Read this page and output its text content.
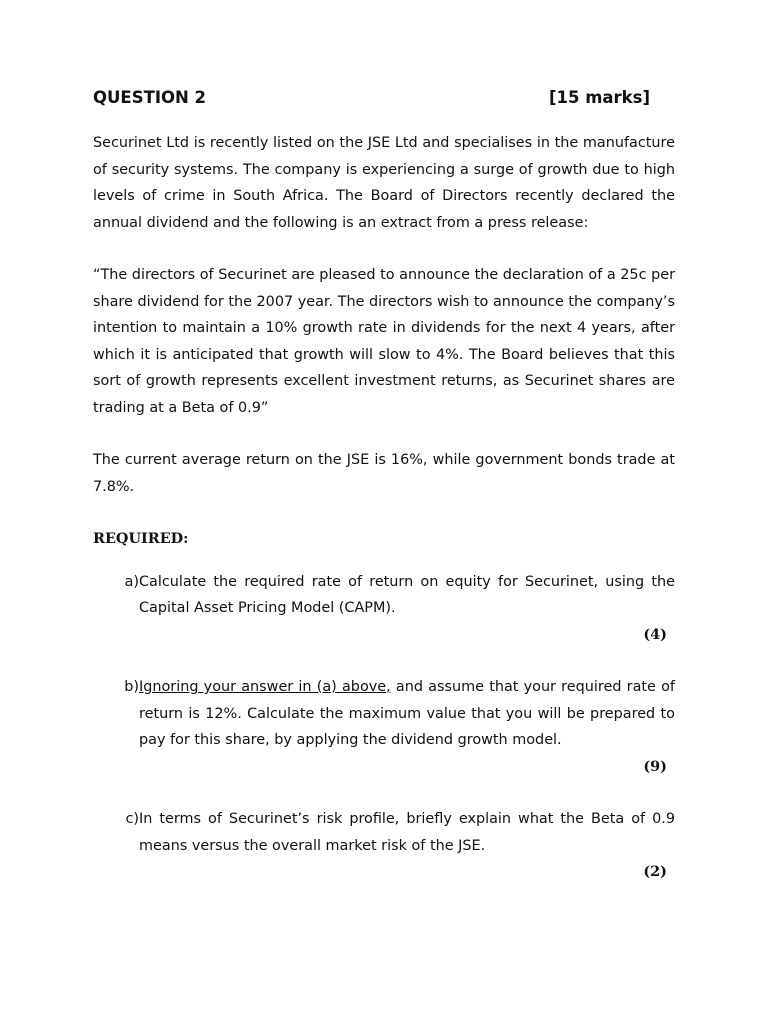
QUESTION 2	[15 marks]

Securinet Ltd is recently listed on the JSE Ltd and specialises in the manufacture of security systems. The company is experiencing a surge of growth due to high levels of crime in South Africa. The Board of Directors recently declared the annual dividend and the following is an extract from a press release:

“The directors of Securinet are pleased to announce the declaration of a 25c per share dividend for the 2007 year. The directors wish to announce the company’s intention to maintain a 10% growth rate in dividends for the next 4 years, after which it is anticipated that growth will slow to 4%. The Board believes that this sort of growth represents excellent investment returns, as Securinet shares are trading at a Beta of 0.9”

The current average return on the JSE is 16%, while government bonds trade at 7.8%.

REQUIRED:
a) Calculate the required rate of return on equity for Securinet, using the Capital Asset Pricing Model (CAPM).
(4)
b) Ignoring your answer in (a) above, and assume that your required rate of return is 12%. Calculate the maximum value that you will be prepared to pay for this share, by applying the dividend growth model.
(9)
c) In terms of Securinet’s risk profile, briefly explain what the Beta of 0.9 means versus the overall market risk of the JSE.
(2)
